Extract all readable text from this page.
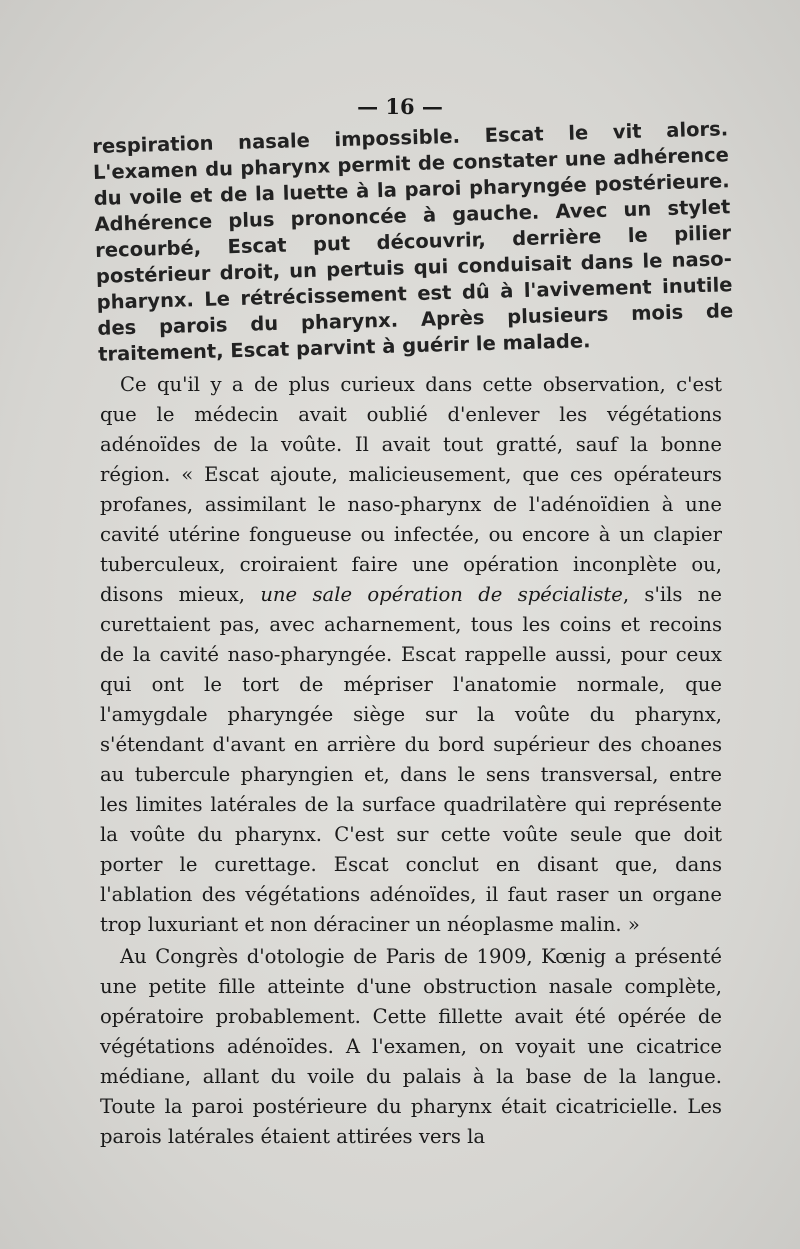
— 16 —

respiration nasale impossible. Escat le vit alors. L'examen du pharynx permit de constater une adhérence du voile et de la luette à la paroi pharyngée postérieure. Adhérence plus prononcée à gauche. Avec un stylet recourbé, Escat put découvrir, derrière le pilier postérieur droit, un pertuis qui conduisait dans le naso-pharynx. Le rétrécissement est dû à l'avivement inutile des parois du pharynx. Après plusieurs mois de traitement, Escat parvint à guérir le malade.

Ce qu'il y a de plus curieux dans cette observation, c'est que le médecin avait oublié d'enlever les végétations adénoïdes de la voûte. Il avait tout gratté, sauf la bonne région. « Escat ajoute, malicieusement, que ces opérateurs profanes, assimilant le naso-pharynx de l'adénoïdien à une cavité utérine fongueuse ou infectée, ou encore à un clapier tuberculeux, croiraient faire une opération inconplète ou, disons mieux, une sale opération de spécialiste, s'ils ne curettaient pas, avec acharnement, tous les coins et recoins de la cavité naso-pharyngée. Escat rappelle aussi, pour ceux qui ont le tort de mépriser l'anatomie normale, que l'amygdale pharyngée siège sur la voûte du pharynx, s'étendant d'avant en arrière du bord supérieur des choanes au tubercule pharyngien et, dans le sens transversal, entre les limites latérales de la surface quadrilatère qui représente la voûte du pharynx. C'est sur cette voûte seule que doit porter le curettage. Escat conclut en disant que, dans l'ablation des végétations adénoïdes, il faut raser un organe trop luxuriant et non déraciner un néoplasme malin. »

Au Congrès d'otologie de Paris de 1909, Kœnig a présenté une petite fille atteinte d'une obstruction nasale complète, opératoire probablement. Cette fillette avait été opérée de végétations adénoïdes. A l'examen, on voyait une cicatrice médiane, allant du voile du palais à la base de la langue. Toute la paroi postérieure du pharynx était cicatricielle. Les parois latérales étaient attirées vers la
